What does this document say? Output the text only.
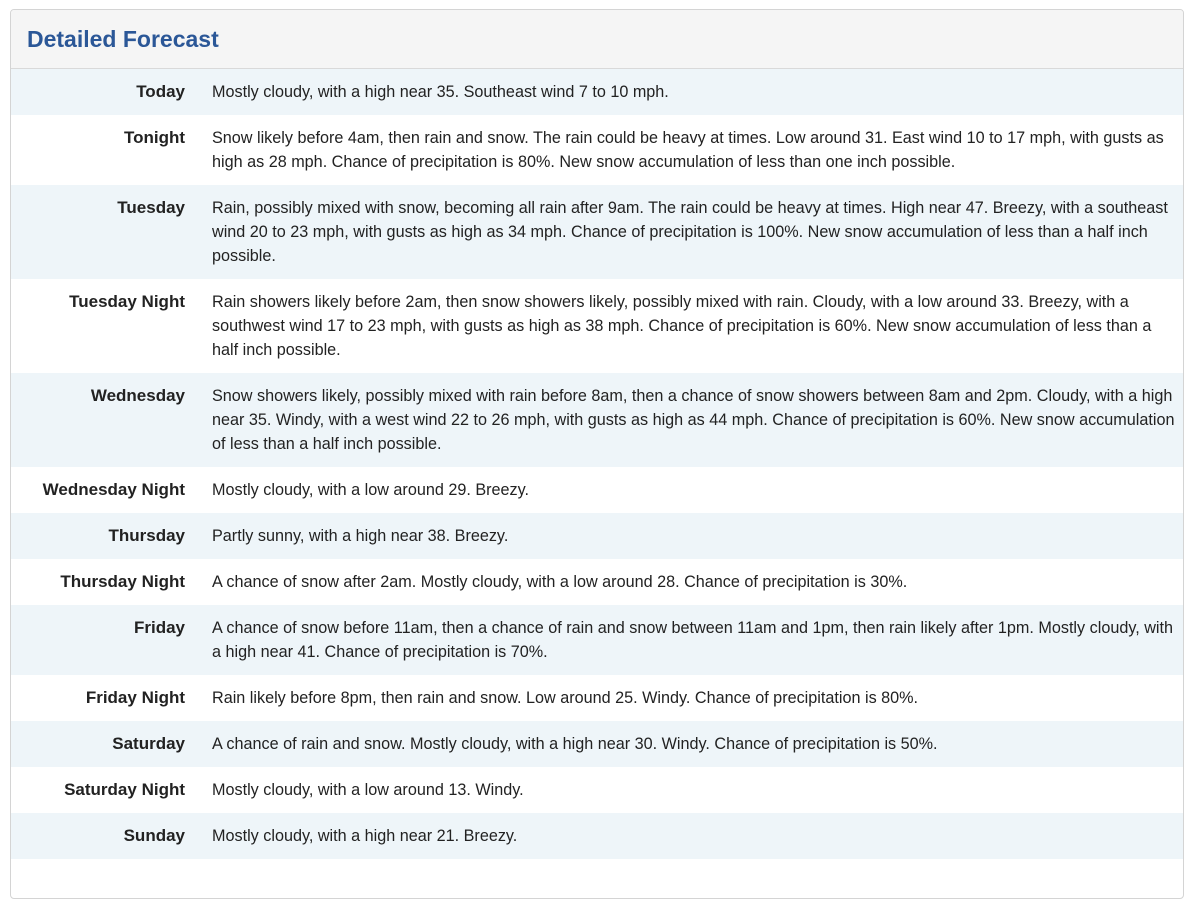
Detailed Forecast
Today	Mostly cloudy, with a high near 35. Southeast wind 7 to 10 mph.
Tonight	Snow likely before 4am, then rain and snow. The rain could be heavy at times. Low around 31. East wind 10 to 17 mph, with gusts as high as 28 mph. Chance of precipitation is 80%. New snow accumulation of less than one inch possible.
Tuesday	Rain, possibly mixed with snow, becoming all rain after 9am. The rain could be heavy at times. High near 47. Breezy, with a southeast wind 20 to 23 mph, with gusts as high as 34 mph. Chance of precipitation is 100%. New snow accumulation of less than a half inch possible.
Tuesday Night	Rain showers likely before 2am, then snow showers likely, possibly mixed with rain. Cloudy, with a low around 33. Breezy, with a southwest wind 17 to 23 mph, with gusts as high as 38 mph. Chance of precipitation is 60%. New snow accumulation of less than a half inch possible.
Wednesday	Snow showers likely, possibly mixed with rain before 8am, then a chance of snow showers between 8am and 2pm. Cloudy, with a high near 35. Windy, with a west wind 22 to 26 mph, with gusts as high as 44 mph. Chance of precipitation is 60%. New snow accumulation of less than a half inch possible.
Wednesday Night	Mostly cloudy, with a low around 29. Breezy.
Thursday	Partly sunny, with a high near 38. Breezy.
Thursday Night	A chance of snow after 2am. Mostly cloudy, with a low around 28. Chance of precipitation is 30%.
Friday	A chance of snow before 11am, then a chance of rain and snow between 11am and 1pm, then rain likely after 1pm. Mostly cloudy, with a high near 41. Chance of precipitation is 70%.
Friday Night	Rain likely before 8pm, then rain and snow. Low around 25. Windy. Chance of precipitation is 80%.
Saturday	A chance of rain and snow. Mostly cloudy, with a high near 30. Windy. Chance of precipitation is 50%.
Saturday Night	Mostly cloudy, with a low around 13. Windy.
Sunday	Mostly cloudy, with a high near 21. Breezy.
